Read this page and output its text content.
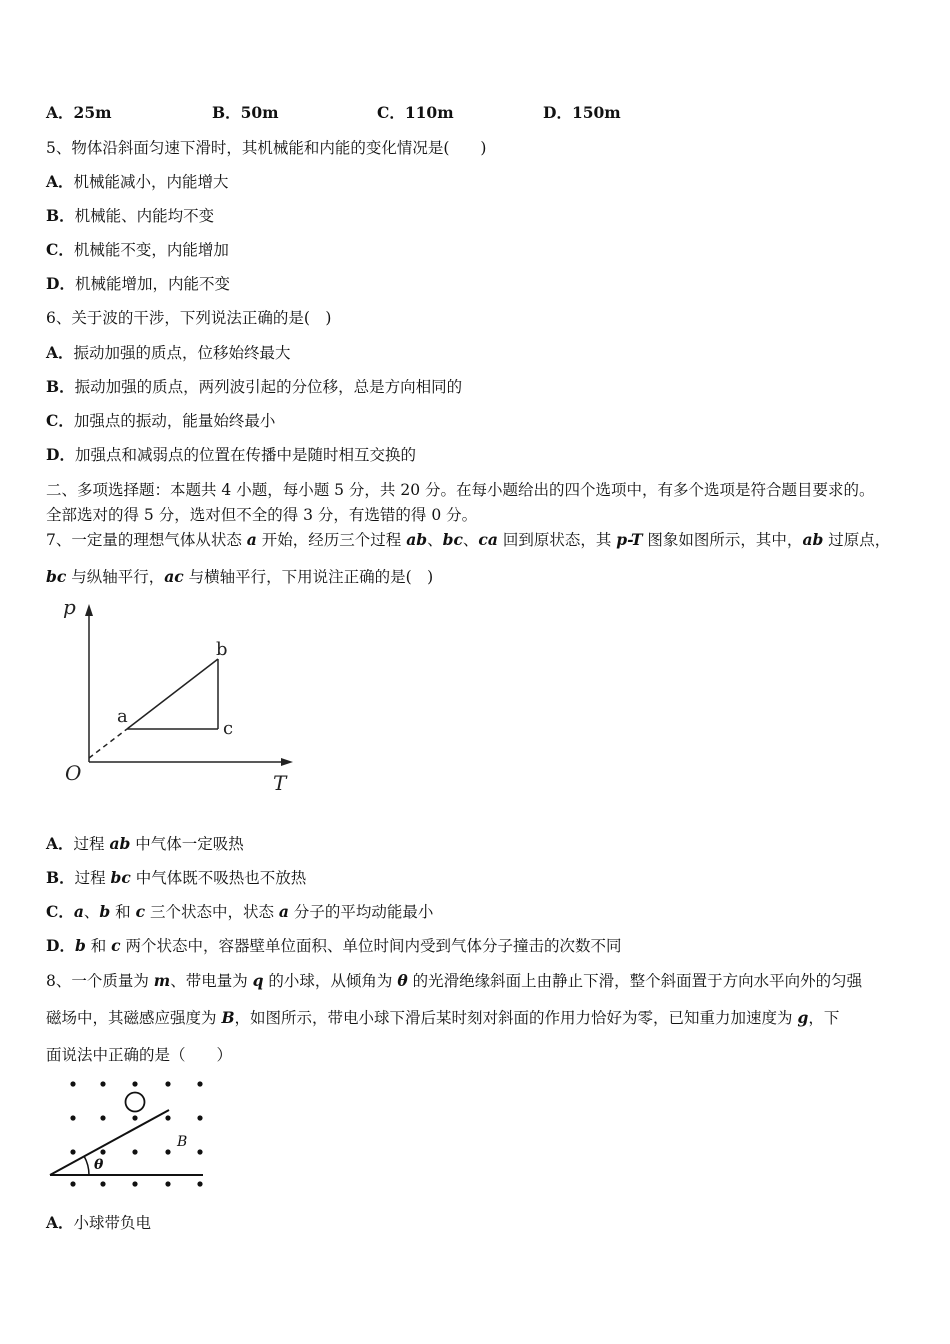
A．25m	B．50m	C．110m	D．150m
5、物体沿斜面匀速下滑时，其机械能和内能的变化情况是(　　)
A．机械能减小，内能增大
B．机械能、内能均不变
C．机械能不变，内能增加
D．机械能增加，内能不变
6、关于波的干涉，下列说法正确的是(　)
A．振动加强的质点，位移始终最大
B．振动加强的质点，两列波引起的分位移，总是方向相同的
C．加强点的振动，能量始终最小
D．加强点和减弱点的位置在传播中是随时相互交换的
二、多项选择题：本题共 4 小题，每小题 5 分，共 20 分。在每小题给出的四个选项中，有多个选项是符合题目要求的。
全部选对的得 5 分，选对但不全的得 3 分，有选错的得 0 分。
7、一定量的理想气体从状态 a 开始，经历三个过程 ab、bc、ca 回到原状态，其 p-T 图象如图所示，其中，ab 过原点，
bc 与纵轴平行，ac 与横轴平行，下用说注正确的是(　)
p
T
O
a
b
c
A．过程 ab 中气体一定吸热
B．过程 bc 中气体既不吸热也不放热
C．a、b 和 c 三个状态中，状态 a 分子的平均动能最小
D．b 和 c 两个状态中，容器壁单位面积、单位时间内受到气体分子撞击的次数不同
8、一个质量为 m、带电量为 q 的小球，从倾角为 θ 的光滑绝缘斜面上由静止下滑，整个斜面置于方向水平向外的匀强
磁场中，其磁感应强度为 B，如图所示，带电小球下滑后某时刻对斜面的作用力恰好为零，已知重力加速度为 g，下
面说法中正确的是（　　）
θ
B
A．小球带负电
